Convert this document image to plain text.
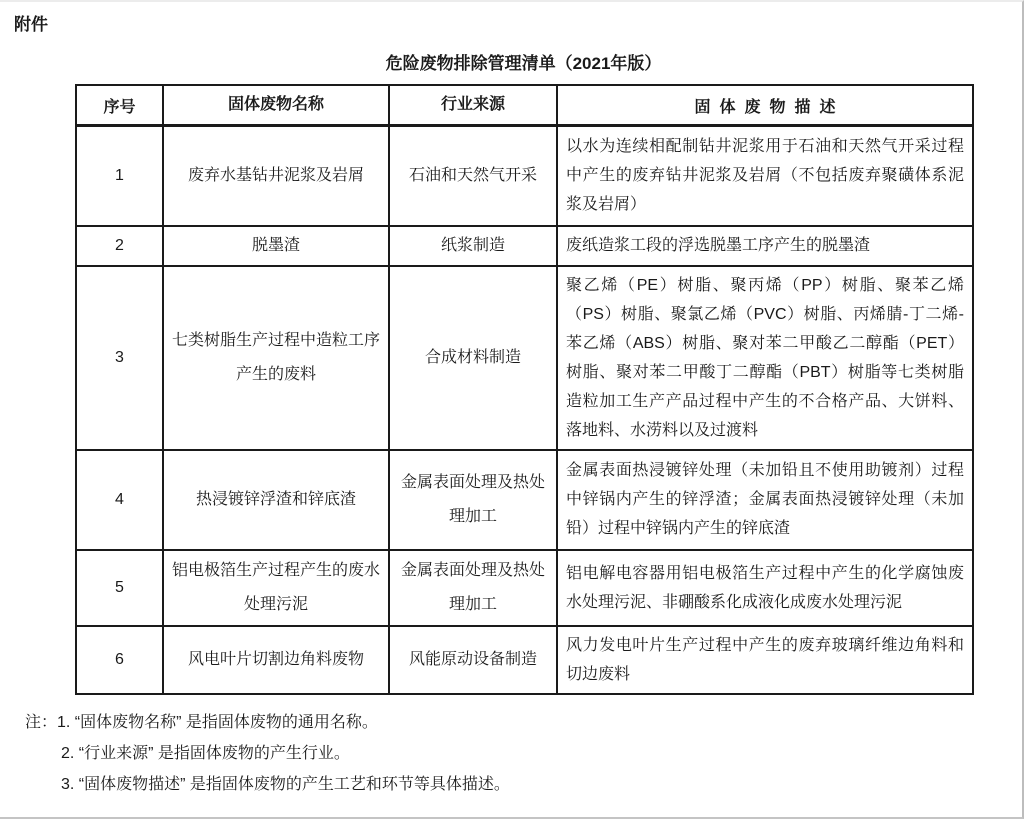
附件
危险废物排除管理清单（2021年版）
序号	固体废物名称	行业来源	固体废物描述
1	废弃水基钻井泥浆及岩屑	石油和天然气开采	以水为连续相配制钻井泥浆用于石油和天然气开采过程中产生的废弃钻井泥浆及岩屑（不包括废弃聚磺体系泥浆及岩屑）
2	脱墨渣	纸浆制造	废纸造浆工段的浮选脱墨工序产生的脱墨渣
3	七类树脂生产过程中造粒工序产生的废料	合成材料制造	聚乙烯（PE）树脂、聚丙烯（PP）树脂、聚苯乙烯（PS）树脂、聚氯乙烯（PVC）树脂、丙烯腈-丁二烯-苯乙烯（ABS）树脂、聚对苯二甲酸乙二醇酯（PET）树脂、聚对苯二甲酸丁二醇酯（PBT）树脂等七类树脂造粒加工生产产品过程中产生的不合格产品、大饼料、落地料、水涝料以及过渡料
4	热浸镀锌浮渣和锌底渣	金属表面处理及热处理加工	金属表面热浸镀锌处理（未加铅且不使用助镀剂）过程中锌锅内产生的锌浮渣；金属表面热浸镀锌处理（未加铅）过程中锌锅内产生的锌底渣
5	铝电极箔生产过程产生的废水处理污泥	金属表面处理及热处理加工	铝电解电容器用铝电极箔生产过程中产生的化学腐蚀废水处理污泥、非硼酸系化成液化成废水处理污泥
6	风电叶片切割边角料废物	风能原动设备制造	风力发电叶片生产过程中产生的废弃玻璃纤维边角料和切边废料
注：1. “固体废物名称” 是指固体废物的通用名称。
2. “行业来源” 是指固体废物的产生行业。
3. “固体废物描述” 是指固体废物的产生工艺和环节等具体描述。
